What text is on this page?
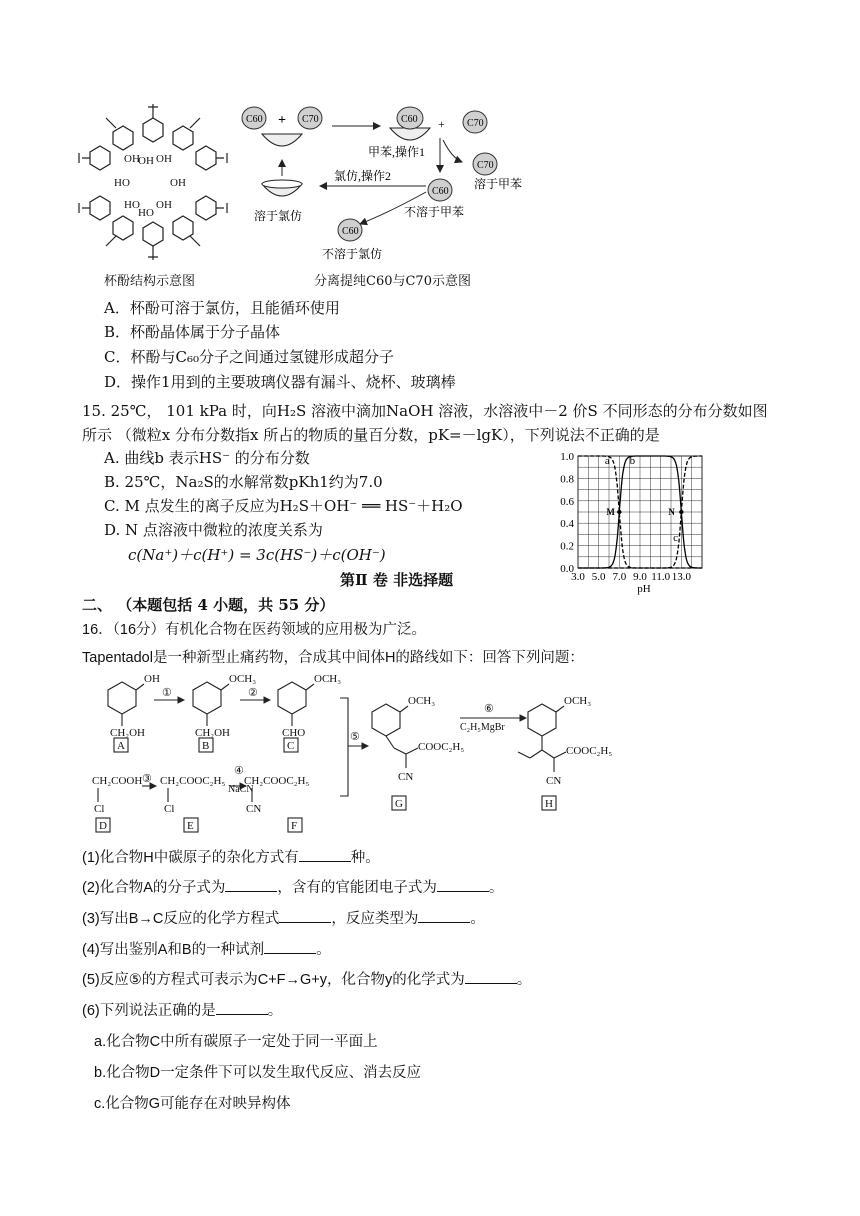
OH
OH OH
HO	OH
HO
HO
OH
杯酚结构示意图
C60	C70
+	C60 + C70
甲苯,操作1
C70
溶于甲苯
C60
不溶于甲苯
氯仿,操作2
溶于氯仿
C60
不溶于氯仿
分离提纯C60与C70示意图
A．杯酚可溶于氯仿，且能循环使用
B．杯酚晶体属于分子晶体
C．杯酚与C₆₀分子之间通过氢键形成超分子
D．操作1用到的主要玻璃仪器有漏斗、烧杯、玻璃棒
15. 25℃， 101 kPa 时，向H₂S 溶液中滴加NaOH 溶液，水溶液中－2 价S 不同形态的分布分数如图
所示 （微粒x 分布分数指x 所占的物质的量百分数，pK=－lgK），下列说法不正确的是
A. 曲线b 表示HS⁻ 的分布分数
B. 25℃，Na₂S的水解常数pKh1约为7.0
C. M 点发生的离子反应为H₂S＋OH⁻ ══ HS⁻＋H₂O
D. N 点溶液中微粒的浓度关系为
c(Na⁺)＋c(H⁺) = 3c(HS⁻)＋c(OH⁻)
0.0
0.2
0.4
0.6
0.8
1.0
3.0 5.0 7.0 9.0 11.0 13.0
pH
a b
c
M	N
第Ⅱ 卷 非选择题
二、 （本题包括 4 小题，共 55 分）
16．（16分）有机化合物在医药领域的应用极为广泛。
Tapentadol是一种新型止痛药物，合成其中间体H的路线如下：回答下列问题：
OH
CH₂OH
A
①
OCH₃
CH₂OH
B
②
OCH₃
CHO
C
CH₂COOH
Cl
D
③ CH₂COOC₂H₅
Cl
E
④
NaCN
CH₂COOC₂H₅
CN
F
⑤
OCH₃
COOC₂H₅
CN
G
⑥
C₂H₅MgBr
OCH₃
COOC₂H₅
CN
H
(1)化合物H中碳原子的杂化方式有	种。
(2)化合物A的分子式为	，含有的官能团电子式为	。
(3)写出B→C反应的化学方程式	，反应类型为	。
(4)写出鉴别A和B的一种试剂	。
(5)反应⑤的方程式可表示为C+F→G+y，化合物y的化学式为	。
(6)下列说法正确的是	。
a.化合物C中所有碳原子一定处于同一平面上
b.化合物D一定条件下可以发生取代反应、消去反应
c.化合物G可能存在对映异构体
